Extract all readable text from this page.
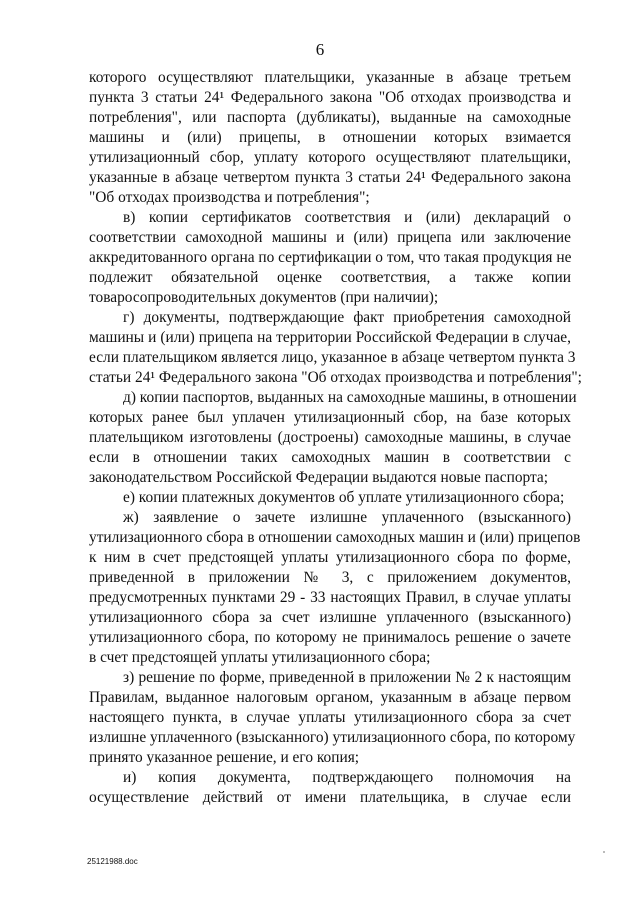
6
которого осуществляют плательщики, указанные в абзаце третьем
пункта 3 статьи 24¹ Федерального закона "Об отходах производства и
потребления", или паспорта (дубликаты), выданные на самоходные
машины и (или) прицепы, в отношении которых взимается
утилизационный сбор, уплату которого осуществляют плательщики,
указанные в абзаце четвертом пункта 3 статьи 24¹ Федерального закона
"Об отходах производства и потребления";
в) копии сертификатов соответствия и (или) деклараций о
соответствии самоходной машины и (или) прицепа или заключение
аккредитованного органа по сертификации о том, что такая продукция не
подлежит обязательной оценке соответствия, а также копии
товаросопроводительных документов (при наличии);
г) документы, подтверждающие факт приобретения самоходной
машины и (или) прицепа на территории Российской Федерации в случае,
если плательщиком является лицо, указанное в абзаце четвертом пункта 3
статьи 24¹ Федерального закона "Об отходах производства и потребления";
д) копии паспортов, выданных на самоходные машины, в отношении
которых ранее был уплачен утилизационный сбор, на базе которых
плательщиком изготовлены (достроены) самоходные машины, в случае
если в отношении таких самоходных машин в соответствии с
законодательством Российской Федерации выдаются новые паспорта;
е) копии платежных документов об уплате утилизационного сбора;
ж) заявление о зачете излишне уплаченного (взысканного)
утилизационного сбора в отношении самоходных машин и (или) прицепов
к ним в счет предстоящей уплаты утилизационного сбора по форме,
приведенной в приложении № 3, с приложением документов,
предусмотренных пунктами 29 - 33 настоящих Правил, в случае уплаты
утилизационного сбора за счет излишне уплаченного (взысканного)
утилизационного сбора, по которому не принималось решение о зачете
в счет предстоящей уплаты утилизационного сбора;
з) решение по форме, приведенной в приложении № 2 к настоящим
Правилам, выданное налоговым органом, указанным в абзаце первом
настоящего пункта, в случае уплаты утилизационного сбора за счет
излишне уплаченного (взысканного) утилизационного сбора, по которому
принято указанное решение, и его копия;
и) копия документа, подтверждающего полномочия на
осуществление действий от имени плательщика, в случае если
25121988.doc
